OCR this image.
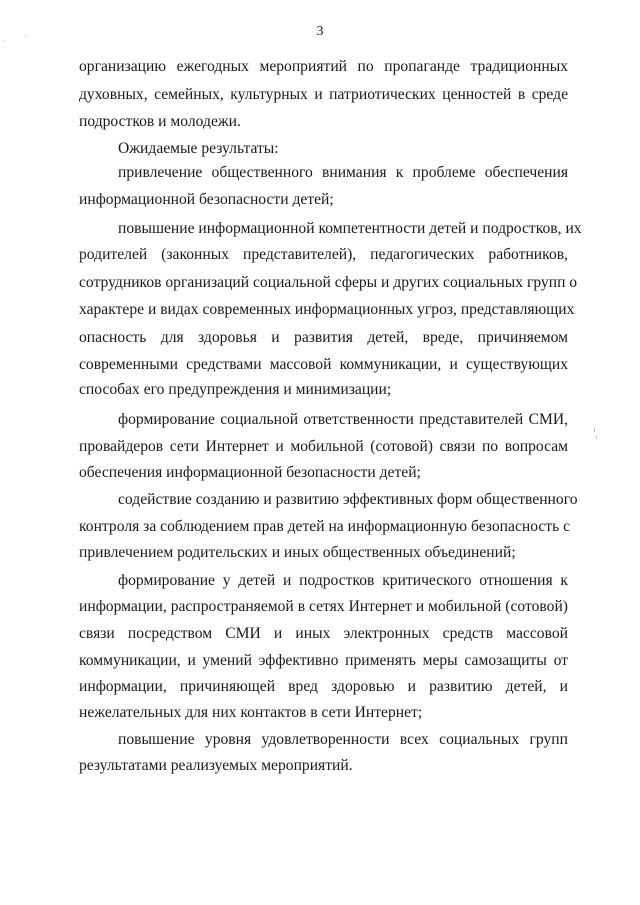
3
организацию ежегодных мероприятий по пропаганде традиционных
духовных, семейных, культурных и патриотических ценностей в среде
подростков и молодежи.
Ожидаемые результаты:
привлечение общественного внимания к проблеме обеспечения
информационной безопасности детей;
повышение информационной компетентности детей и подростков, их
родителей (законных представителей), педагогических работников,
сотрудников организаций социальной сферы и других социальных групп о
характере и видах современных информационных угроз, представляющих
опасность для здоровья и развития детей, вреде, причиняемом
современными средствами массовой коммуникации, и существующих
способах его предупреждения и минимизации;
формирование социальной ответственности представителей СМИ,
провайдеров сети Интернет и мобильной (сотовой) связи по вопросам
обеспечения информационной безопасности детей;
содействие созданию и развитию эффективных форм общественного
контроля за соблюдением прав детей на информационную безопасность с
привлечением родительских и иных общественных объединений;
формирование у детей и подростков критического отношения к
информации, распространяемой в сетях Интернет и мобильной (сотовой)
связи посредством СМИ и иных электронных средств массовой
коммуникации, и умений эффективно применять меры самозащиты от
информации, причиняющей вред здоровью и развитию детей, и
нежелательных для них контактов в сети Интернет;
повышение уровня удовлетворенности всех социальных групп
результатами реализуемых мероприятий.
